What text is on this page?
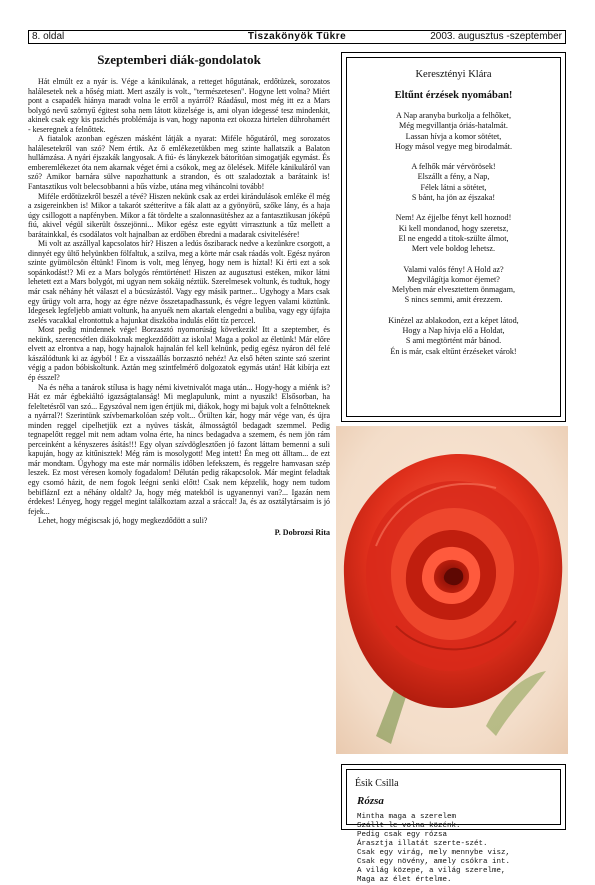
8. oldal	Tiszakönyök Tükre	2003. augusztus -szeptember
Szeptemberi diák-gondolatok

Hát elmúlt ez a nyár is. Vége a kánikulának, a retteget hőgutának, erdőtüzek, sorozatos halálesetek nek a hőség miatt. Mert aszály is volt., "természetesen". Hogyne lett volna? Miért pont a csapadék hiánya maradt volna le erről a nyárról? Ráadásul, most még itt ez a Mars bolygó nevű szörnyű égitest soha nem látott közelsége is, ami olyan idegessé tesz mindenkit, akinek csak egy kis pszichés problémája is van, hogy naponta ezt okozza hirtelen dührohamért - keseregnek a felnőttek.

A fiatalok azonban egészen másként látják a nyarat: Miféle hőgutáról, meg sorozatos halálesetekről van szó? Nem értik. Az ő emlékezetükben meg szinte hallatszik a Balaton hullámzása. A nyári éjszakák langyosak. A fiú- és lánykezek bátorítóan simogatják egymást. És emberemlékezet óta nem akarnak véget érni a csókok, meg az ölelések. Miféle kánikuláról van szó? Amikor barnára sülve napozhattunk a strandon, és ott szaladoztak a barátaink is! Fantasztikus volt belecsobbanni a hűs vízbe, utána meg viháncolni tovább!

Miféle erdőtüzekről beszél a tévé? Hiszen nekünk csak az erdei kirándulások emléke él még a zsigereinkben is! Mikor a takarót szétterítve a fák alatt az a gyönyörű, szőke lány, és a haja úgy csillogott a napfényben. Mikor a fát tördelte a szalonnasütéshez az a fantasztikusan jóképű fiú, akivel végül sikerült összejönni... Mikor egész este együtt virrasztunk a tűz mellett a barátainkkal, és csodálatos volt hajnalban az erdőben ébredni a madarak csivitelésére!

Mi volt az aszállyal kapcsolatos hír? Hiszen a ledús őszibarack nedve a kezünkre csorgott, a dinnyét egy ültő helyünkben fölfaltuk, a szilva, meg a körte már csak ráadás volt. Egész nyáron szinte gyümölcsön éltünk! Finom is volt, meg lényeg, hogy nem is híztal! Ki érti ezt a sok sopánkodást!? Mi ez a Mars bolygós rémtörténet! Hiszen az augusztusi estéken, mikor látni lehetett ezt a Mars bolygót, mi ugyan nem sokáig néztük. Szerelmesek voltunk, és tudtuk, hogy már csak néhány hét választ el a búcsúzástól. Vagy egy másik partner... Ugyhogy a Mars csak egy űrügy volt arra, hogy az égre nézve összetapadhassunk, és végre legyen valami köztünk. Idegesek legfeljebb amiatt voltunk, ha anyuék nem akartak elengedni a buliba, vagy egy újfajta zselés vacakkal elrontottuk a hajunkat diszkóba indulás előtt tíz perccel.

Most pedig mindennek vége! Borzasztó nyomorúság következik! Itt a szeptember, és nekünk, szerencsétlen diákoknak megkezdődött az iskola! Maga a pokol az életünk! Már előre elvett az elrontva a nap, hogy hajnalok hajnalán fel kell kelnünk, pedig egész nyáron dél felé kászálódtunk ki az ágyból ! Ez a visszaállás borzasztó nehéz! Az első héten szinte szó szerint végig a padon bóbiskoltunk. Aztán meg szintfelmérő dolgozatok egymás után! Hát kibírja ezt ép ésszel?

Na és néha a tanárok stílusa is hagy némi kivetnivalót maga után... Hogy-hogy a miénk is? Hát ez már égbekiáltó igazságtalanság! Mi meglapulunk, mint a nyuszik! Elsősorban, ha feleltetésről van szó... Egyszóval nem igen értjük mi, diákok, hogy mi bajuk volt a felnőtteknek a nyárral?! Szerintünk szívbemarkolóan szép volt... Őrülten kár, hogy már vége van, és újra minden reggel cipelhetjük ezt a nyüves táskát, álmosságtól bedagadt szemmel. Pedig tegnapelőtt reggel mit nem adtam volna érte, ha nincs bedagadva a szemem, és nem jön rám perceinként a kényszeres ásítás!!! Egy olyan szívdöglesztően jó fazont láttam bemenni a suli kapuján, hogy az kitűnisztek! Még rám is mosolygott! Meg intett! Én meg ott álltam... de ezt már mondtam. Úgyhogy ma este már normális időben lefekszem, és reggelre hamvasan szép leszek. Ez most véresen komoly fogadalom! Délután pedig rákapcsolok. Már megint feladtak egy csomó házit, de nem fogok leégni senki előtt! Csak nem képzelik, hogy nem tudom bebifláznI ezt a néhány oldalt? Ja, hogy még matekból is ugyanennyi van?... Igazán nem érdekes! Lényeg, hogy reggel megint találkoztam azzal a sráccal! Ja, és az osztálytársaim is jó fejek...

Lehet, hogy mégiscsak jó, hogy megkezdődött a suli?

P. Dobrozsi Rita
Keresztényi Klára
Eltűnt érzések nyomában!
A Nap aranyba burkolja a felhőket,
Még megvillantja óriás-hatalmát.
Lassan hívja a komor sötétet,
Hogy másol vegye meg birodalmát.
A felhők már vérvörösek!
Elszállt a fény, a Nap,
Félek látni a sötétet,
S bánt, ha jön az éjszaka!
Nem! Az éjjelbe fényt kell hoznod!
Ki kell mondanod, hogy szeretsz,
El ne engedd a titok-szülte álmot,
Mert vele boldog lehetsz.
Valami valós fény! A Hold az?
Megvilágítja komor éjemet?
Melyben már elvesztettem önmagam,
S nincs semmi, amit érezzem.
Kinézel az ablakodon, ezt a képet látod,
Hogy a Nap hívja elő a Holdat,
S ami megtörtént már bánod.
Én is már, csak eltűnt érzéseket várok!
Ésik Csilla
Rózsa
Mintha maga a szerelem
Szállt le volna közénk.
Pedig csak egy rózsa
Árasztja illatát szerte-szét.
Csak egy virág, mely mennybe visz,
Csak egy növény, amely csókra int.
A világ közepe, a világ szerelme,
Maga az élet értelme.
